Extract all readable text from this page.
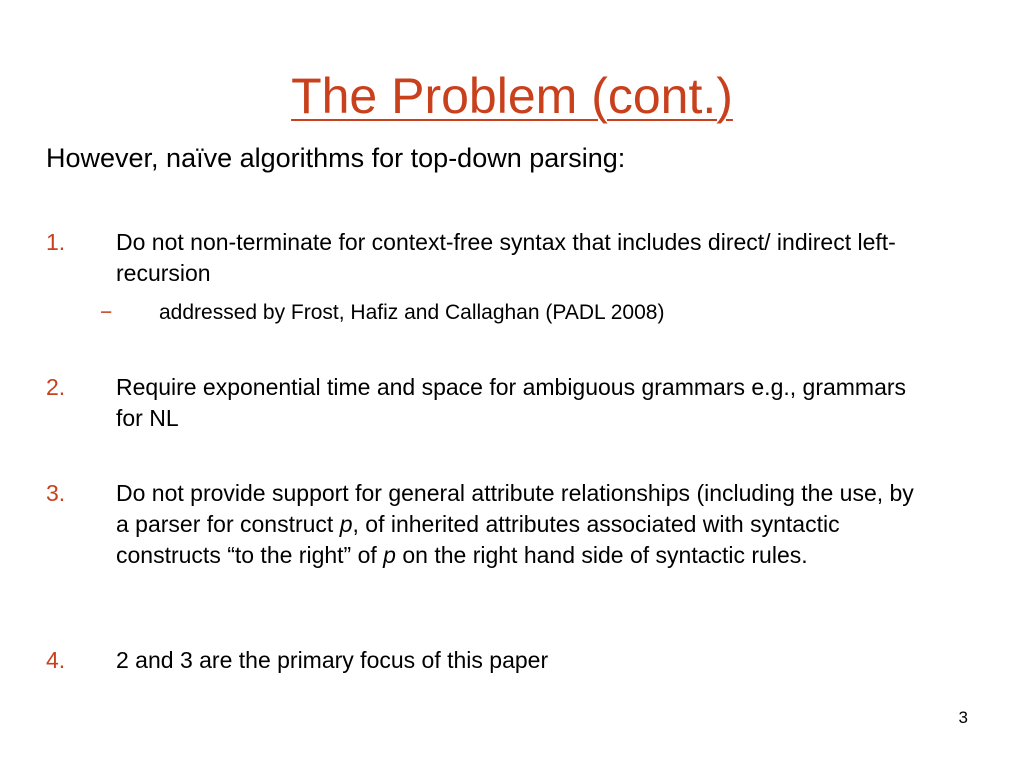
The Problem (cont.)

However, naïve algorithms for top-down parsing:

1. Do not non-terminate for context-free syntax that includes direct/ indirect left-recursion
− addressed by Frost, Hafiz and Callaghan (PADL 2008)
2. Require exponential time and space for ambiguous grammars e.g., grammars for NL
3. Do not provide support for general attribute relationships (including the use, by a parser for construct p, of inherited attributes associated with syntactic constructs “to the right” of p on the right hand side of syntactic rules.
4. 2 and 3 are the primary focus of this paper
3
